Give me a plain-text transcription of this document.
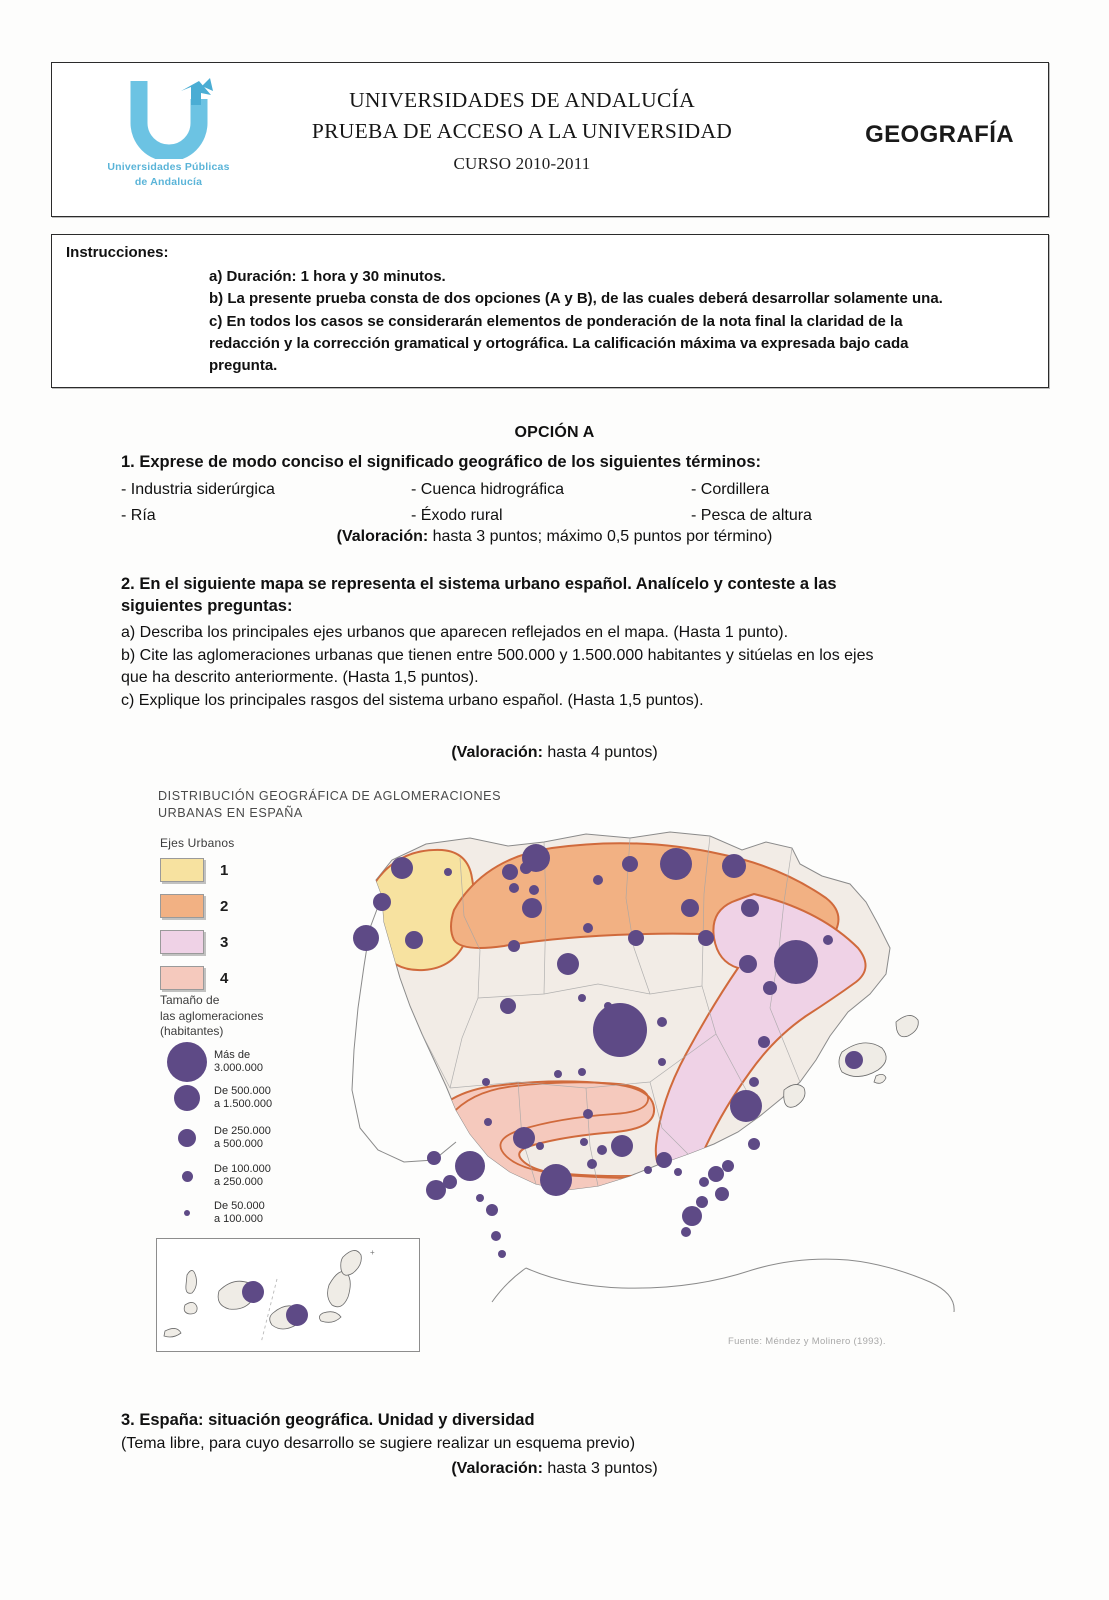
Universidades Públicas
de Andalucía
UNIVERSIDADES DE ANDALUCÍA
PRUEBA DE ACCESO A LA UNIVERSIDAD
CURSO 2010-2011
GEOGRAFÍA
Instrucciones:
a) Duración: 1 hora y 30 minutos.
b) La presente prueba consta de dos opciones (A y B), de las cuales deberá desarrollar solamente una.
c) En todos los casos se considerarán elementos de ponderación de la nota final la claridad de la
redacción y la corrección gramatical y ortográfica. La calificación máxima va expresada bajo cada
pregunta.
OPCIÓN A
1. Exprese de modo conciso el significado geográfico de los siguientes términos:
- Industria siderúrgica	- Cuenca hidrográfica	- Cordillera
- Ría	- Éxodo rural	- Pesca de altura
(Valoración: hasta 3 puntos; máximo 0,5 puntos por término)
2. En el siguiente mapa se representa el sistema urbano español. Analícelo y conteste a las siguientes preguntas:
a) Describa los principales ejes urbanos que aparecen reflejados en el mapa. (Hasta 1 punto).
b) Cite las aglomeraciones urbanas que tienen entre 500.000 y 1.500.000 habitantes y sitúelas en los ejes
que ha descrito anteriormente. (Hasta 1,5 puntos).
c) Explique los principales rasgos del sistema urbano español. (Hasta 1,5 puntos).
(Valoración: hasta 4 puntos)
DISTRIBUCIÓN GEOGRÁFICA DE AGLOMERACIONES
URBANAS EN ESPAÑA
Ejes Urbanos
1
2
3
4
Tamaño de
las aglomeraciones
(habitantes)
Más de
3.000.000
De 500.000
a 1.500.000
De 250.000
a 500.000
De 100.000
a 250.000
De 50.000
a 100.000
+
Fuente: Méndez y Molinero (1993).
3. España: situación geográfica. Unidad y diversidad
(Tema libre, para cuyo desarrollo se sugiere realizar un esquema previo)
(Valoración: hasta 3 puntos)
